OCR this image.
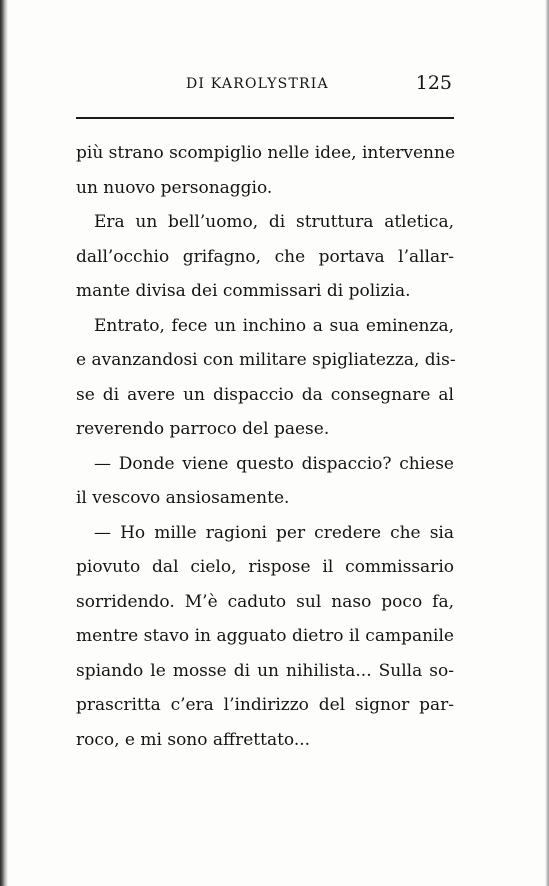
DI KAROLYSTRIA	125
più strano scompiglio nelle idee, intervenne
un nuovo personaggio.
Era un bell’uomo, di struttura atletica,
dall’occhio grifagno, che portava l’allar-
mante divisa dei commissari di polizia.
Entrato, fece un inchino a sua eminenza,
e avanzandosi con militare spigliatezza, dis-
se di avere un dispaccio da consegnare al
reverendo parroco del paese.
— Donde viene questo dispaccio? chiese
il vescovo ansiosamente.
— Ho mille ragioni per credere che sia
piovuto dal cielo, rispose il commissario
sorridendo. M’è caduto sul naso poco fa,
mentre stavo in agguato dietro il campanile
spiando le mosse di un nihilista... Sulla so-
prascritta c’era l’indirizzo del signor par-
roco, e mi sono affrettato...
